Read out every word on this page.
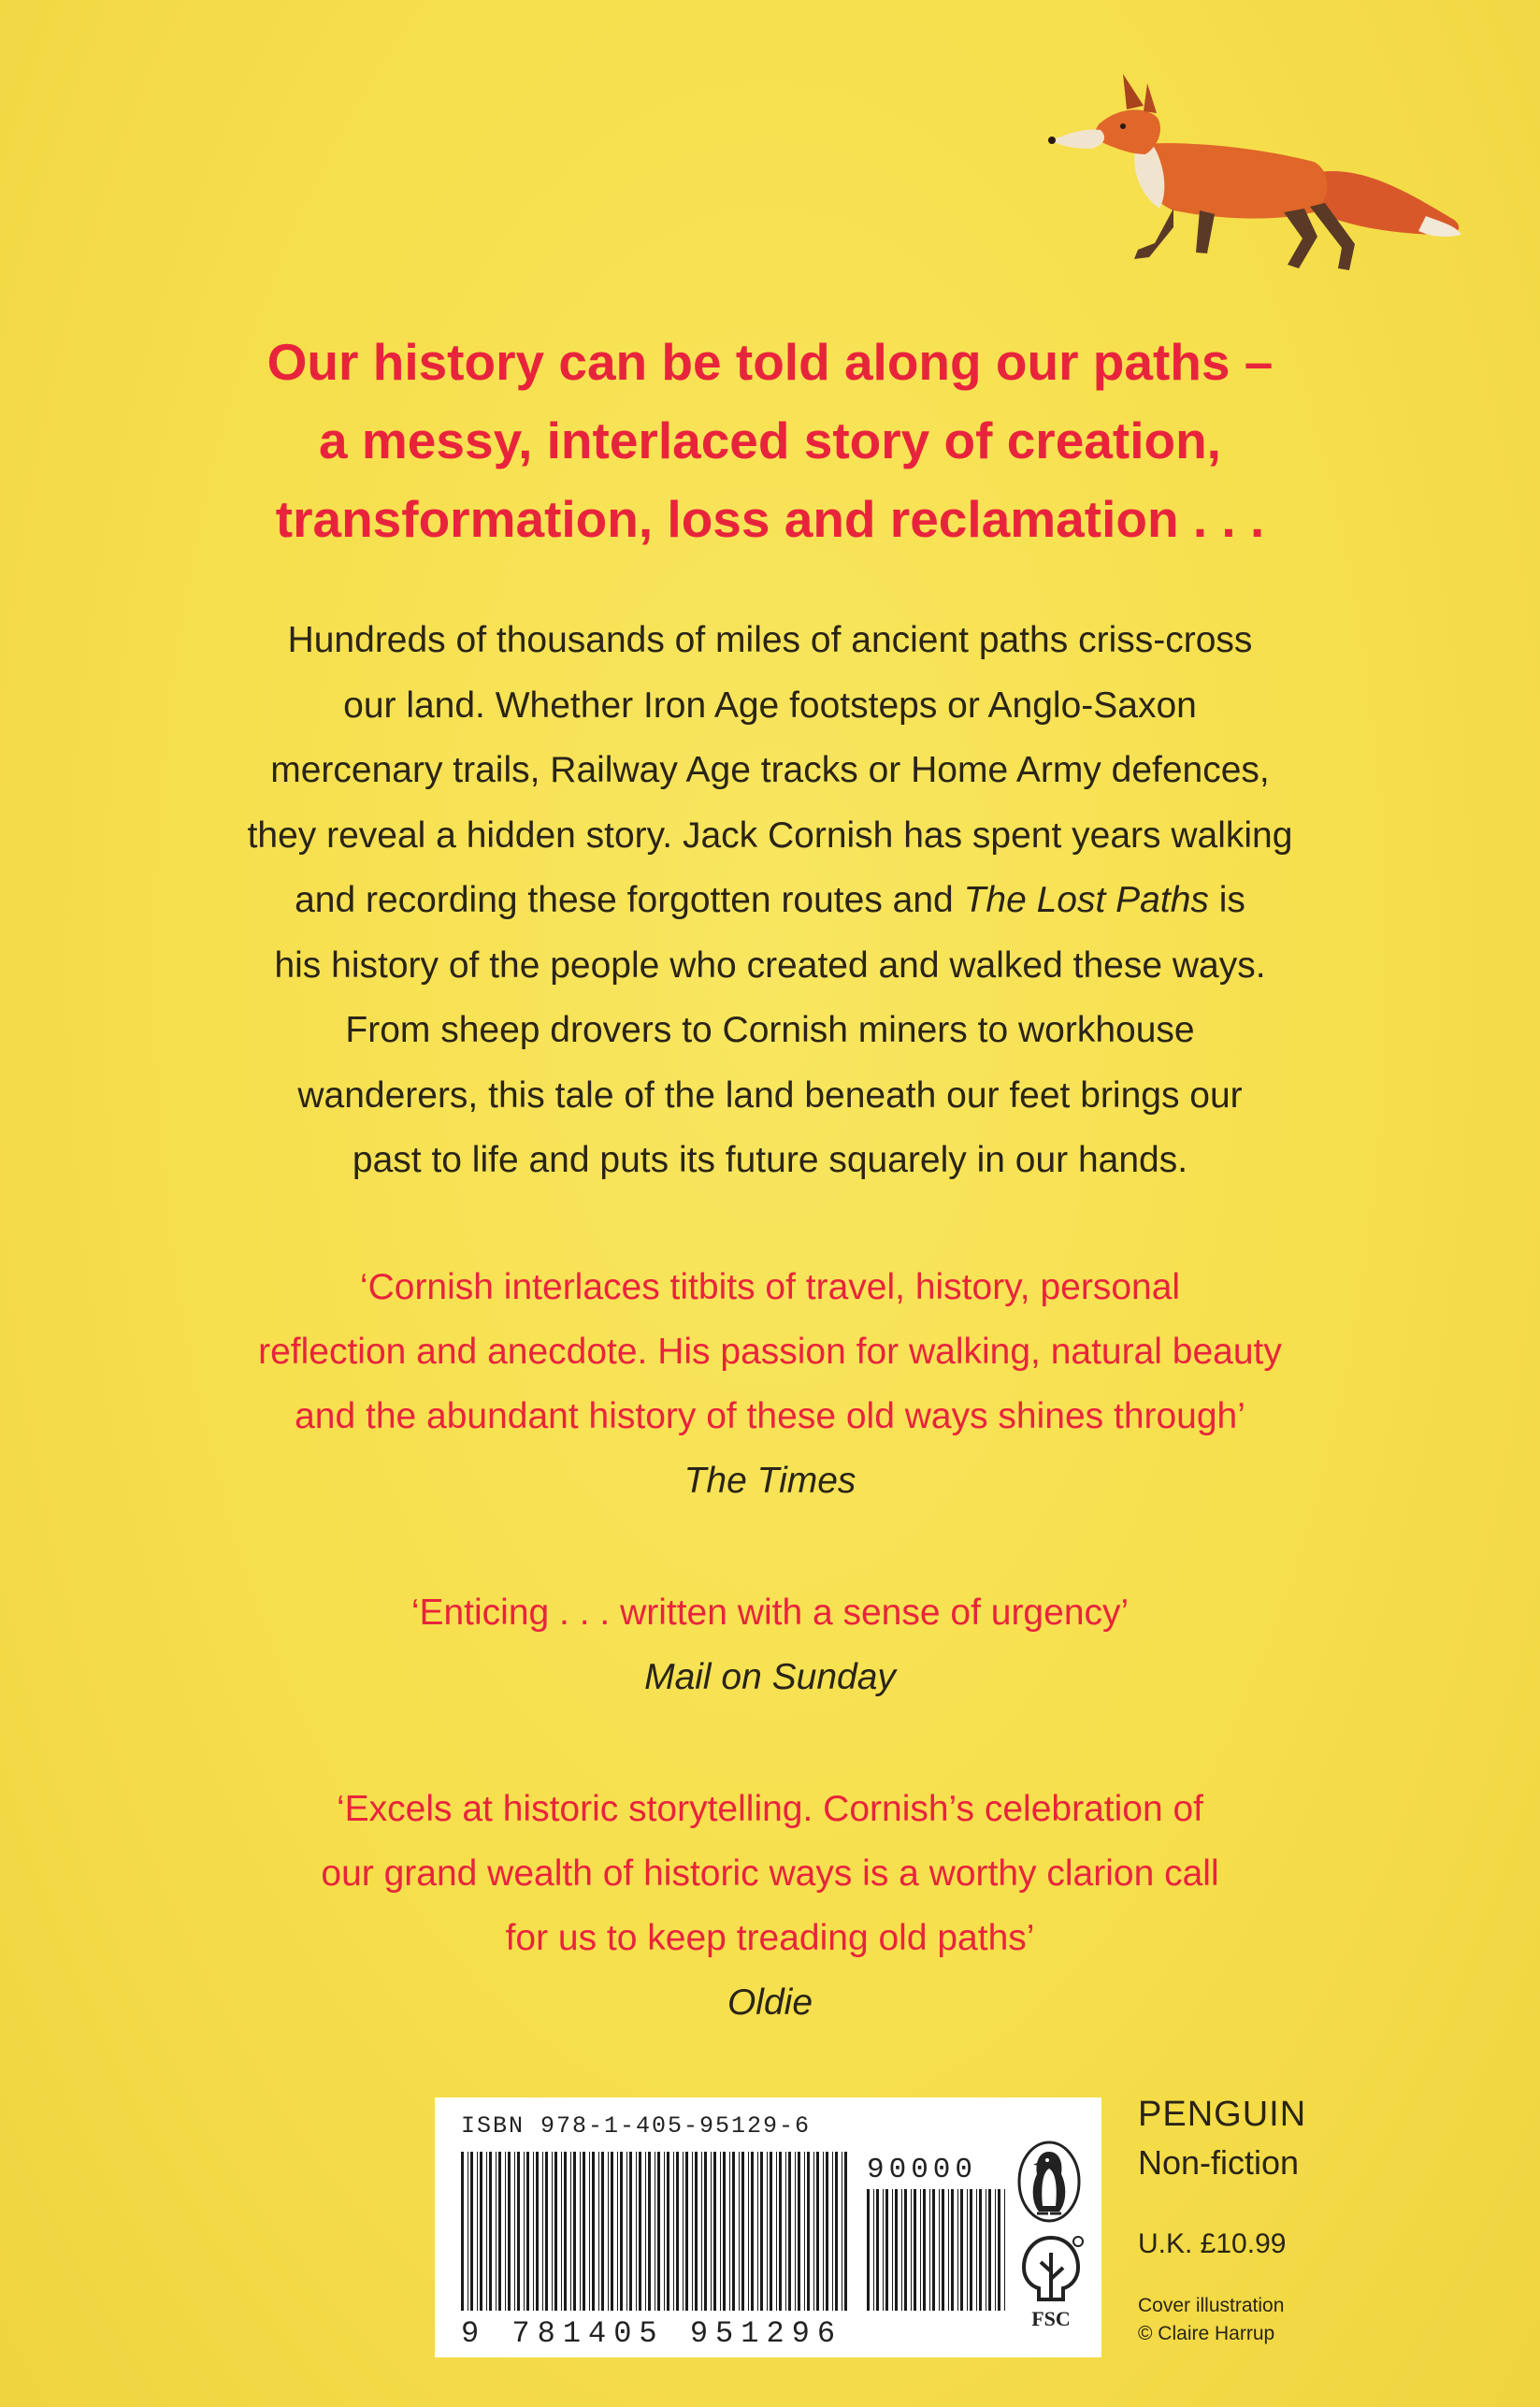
Our history can be told along our paths –
a messy, interlaced story of creation,
transformation, loss and reclamation . . .
Hundreds of thousands of miles of ancient paths criss-cross
our land. Whether Iron Age footsteps or Anglo-Saxon
mercenary trails, Railway Age tracks or Home Army defences,
they reveal a hidden story. Jack Cornish has spent years walking
and recording these forgotten routes and The Lost Paths is
his history of the people who created and walked these ways.
From sheep drovers to Cornish miners to workhouse
wanderers, this tale of the land beneath our feet brings our
past to life and puts its future squarely in our hands.
‘Cornish interlaces titbits of travel, history, personal
reflection and anecdote. His passion for walking, natural beauty
and the abundant history of these old ways shines through’
The Times
‘Enticing . . . written with a sense of urgency’
Mail on Sunday
‘Excels at historic storytelling. Cornish’s celebration of
our grand wealth of historic ways is a worthy clarion call
for us to keep treading old paths’
Oldie
ISBN 978-1-405-95129-6
90000
9 781405 951296	FSC
PENGUIN
Non-fiction
U.K. £10.99
Cover illustration
© Claire Harrup
